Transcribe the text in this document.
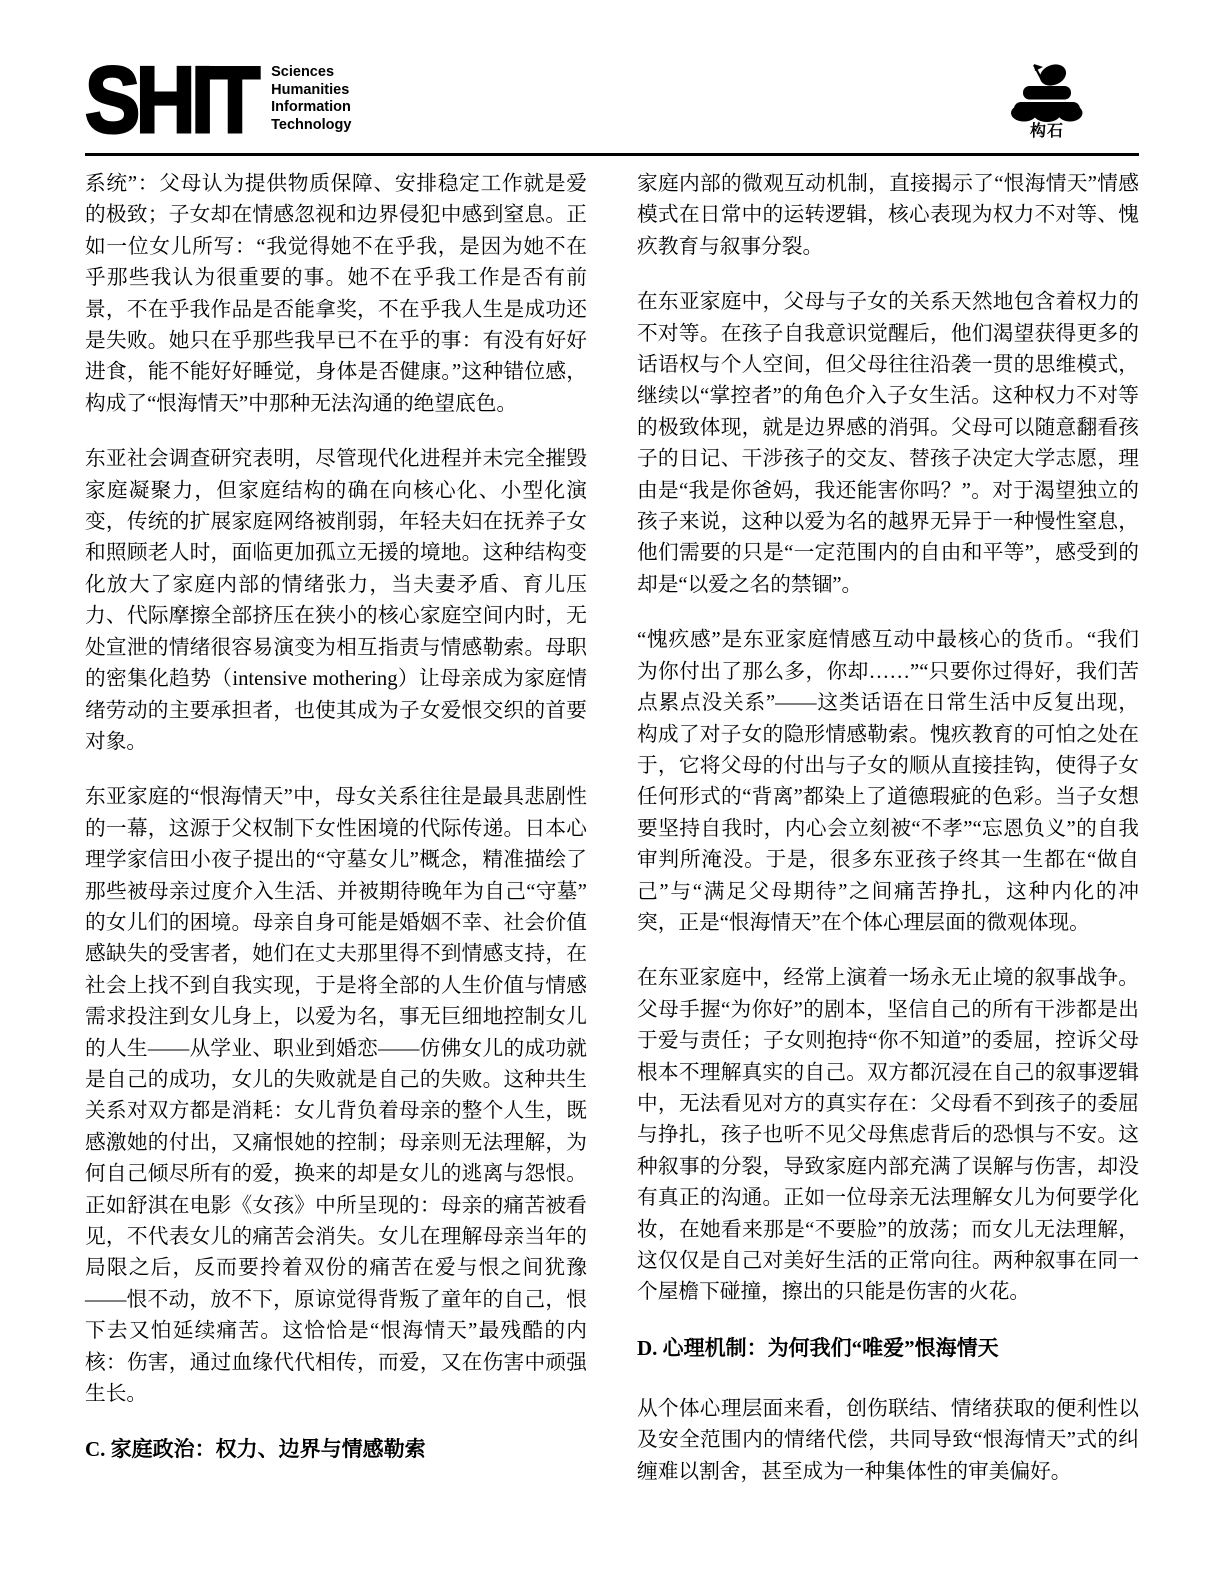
SHIT Sciences
Humanities
Information
Technology	构石

系统”：父母认为提供物质保障、安排稳定工作就是爱的极致；子女却在情感忽视和边界侵犯中感到窒息。正如一位女儿所写：“我觉得她不在乎我，是因为她不在乎那些我认为很重要的事。她不在乎我工作是否有前景，不在乎我作品是否能拿奖，不在乎我人生是成功还是失败。她只在乎那些我早已不在乎的事：有没有好好进食，能不能好好睡觉，身体是否健康。”这种错位感，构成了“恨海情天”中那种无法沟通的绝望底色。

东亚社会调查研究表明，尽管现代化进程并未完全摧毁家庭凝聚力，但家庭结构的确在向核心化、小型化演变，传统的扩展家庭网络被削弱，年轻夫妇在抚养子女和照顾老人时，面临更加孤立无援的境地。这种结构变化放大了家庭内部的情绪张力，当夫妻矛盾、育儿压力、代际摩擦全部挤压在狭小的核心家庭空间内时，无处宣泄的情绪很容易演变为相互指责与情感勒索。母职的密集化趋势（intensive mothering）让母亲成为家庭情绪劳动的主要承担者，也使其成为子女爱恨交织的首要对象。

东亚家庭的“恨海情天”中，母女关系往往是最具悲剧性的一幕，这源于父权制下女性困境的代际传递。日本心理学家信田小夜子提出的“守墓女儿”概念，精准描绘了那些被母亲过度介入生活、并被期待晚年为自己“守墓”的女儿们的困境。母亲自身可能是婚姻不幸、社会价值感缺失的受害者，她们在丈夫那里得不到情感支持，在社会上找不到自我实现，于是将全部的人生价值与情感需求投注到女儿身上，以爱为名，事无巨细地控制女儿的人生——从学业、职业到婚恋——仿佛女儿的成功就是自己的成功，女儿的失败就是自己的失败。这种共生关系对双方都是消耗：女儿背负着母亲的整个人生，既感激她的付出，又痛恨她的控制；母亲则无法理解，为何自己倾尽所有的爱，换来的却是女儿的逃离与怨恨。正如舒淇在电影《女孩》中所呈现的：母亲的痛苦被看见，不代表女儿的痛苦会消失。女儿在理解母亲当年的局限之后，反而要拎着双份的痛苦在爱与恨之间犹豫——恨不动，放不下，原谅觉得背叛了童年的自己，恨下去又怕延续痛苦。这恰恰是“恨海情天”最残酷的内核：伤害，通过血缘代代相传，而爱，又在伤害中顽强生长。

C. 家庭政治：权力、边界与情感勒索

家庭内部的微观互动机制，直接揭示了“恨海情天”情感模式在日常中的运转逻辑，核心表现为权力不对等、愧疚教育与叙事分裂。

在东亚家庭中，父母与子女的关系天然地包含着权力的不对等。在孩子自我意识觉醒后，他们渴望获得更多的话语权与个人空间，但父母往往沿袭一贯的思维模式，继续以“掌控者”的角色介入子女生活。这种权力不对等的极致体现，就是边界感的消弭。父母可以随意翻看孩子的日记、干涉孩子的交友、替孩子决定大学志愿，理由是“我是你爸妈，我还能害你吗？”。对于渴望独立的孩子来说，这种以爱为名的越界无异于一种慢性窒息，他们需要的只是“一定范围内的自由和平等”，感受到的却是“以爱之名的禁锢”。

“愧疚感”是东亚家庭情感互动中最核心的货币。“我们为你付出了那么多，你却……”“只要你过得好，我们苦点累点没关系”——这类话语在日常生活中反复出现，构成了对子女的隐形情感勒索。愧疚教育的可怕之处在于，它将父母的付出与子女的顺从直接挂钩，使得子女任何形式的“背离”都染上了道德瑕疵的色彩。当子女想要坚持自我时，内心会立刻被“不孝”“忘恩负义”的自我审判所淹没。于是，很多东亚孩子终其一生都在“做自己”与“满足父母期待”之间痛苦挣扎，这种内化的冲突，正是“恨海情天”在个体心理层面的微观体现。

在东亚家庭中，经常上演着一场永无止境的叙事战争。父母手握“为你好”的剧本，坚信自己的所有干涉都是出于爱与责任；子女则抱持“你不知道”的委屈，控诉父母根本不理解真实的自己。双方都沉浸在自己的叙事逻辑中，无法看见对方的真实存在：父母看不到孩子的委屈与挣扎，孩子也听不见父母焦虑背后的恐惧与不安。这种叙事的分裂，导致家庭内部充满了误解与伤害，却没有真正的沟通。正如一位母亲无法理解女儿为何要学化妆，在她看来那是“不要脸”的放荡；而女儿无法理解，这仅仅是自己对美好生活的正常向往。两种叙事在同一个屋檐下碰撞，擦出的只能是伤害的火花。

D. 心理机制：为何我们“唯爱”恨海情天

从个体心理层面来看，创伤联结、情绪获取的便利性以及安全范围内的情绪代偿，共同导致“恨海情天”式的纠缠难以割舍，甚至成为一种集体性的审美偏好。
